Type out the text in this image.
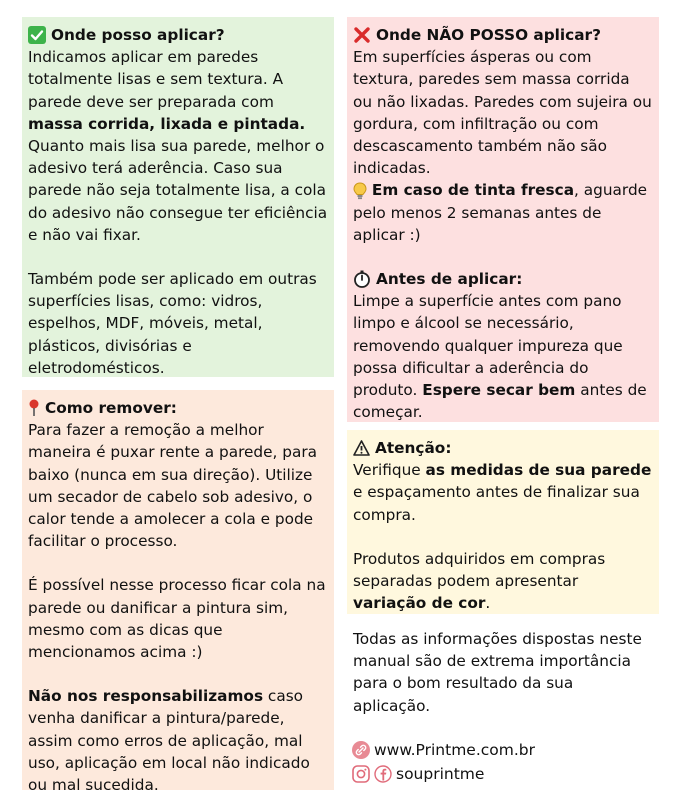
Onde posso aplicar?

Indicamos aplicar em paredes totalmente lisas e sem textura. A parede deve ser preparada com massa corrida, lixada e pintada. Quanto mais lisa sua parede, melhor o adesivo terá aderência. Caso sua parede não seja totalmente lisa, a cola do adesivo não consegue ter eficiência e não vai fixar.

Também pode ser aplicado em outras superfícies lisas, como: vidros, espelhos, MDF, móveis, metal, plásticos, divisórias e eletrodomésticos.

Como remover:

Para fazer a remoção a melhor maneira é puxar rente a parede, para baixo (nunca em sua direção). Utilize um secador de cabelo sob adesivo, o calor tende a amolecer a cola e pode facilitar o processo.

É possível nesse processo ficar cola na parede ou danificar a pintura sim, mesmo com as dicas que mencionamos acima :)

Não nos responsabilizamos caso venha danificar a pintura/parede, assim como erros de aplicação, mal uso, aplicação em local não indicado ou mal sucedida.

Onde NÃO POSSO aplicar?

Em superfícies ásperas ou com textura, paredes sem massa corrida ou não lixadas. Paredes com sujeira ou gordura, com infiltração ou com descascamento também não são indicadas.

Em caso de tinta fresca, aguarde pelo menos 2 semanas antes de aplicar :)

Antes de aplicar:

Limpe a superfície antes com pano limpo e álcool se necessário, removendo qualquer impureza que possa dificultar a aderência do produto. Espere secar bem antes de começar.

Atenção:

Verifique as medidas de sua parede e espaçamento antes de finalizar sua compra.

Produtos adquiridos em compras separadas podem apresentar variação de cor.

Todas as informações dispostas neste manual são de extrema importância para o bom resultado da sua aplicação.

www.Printme.com.br
souprintme
